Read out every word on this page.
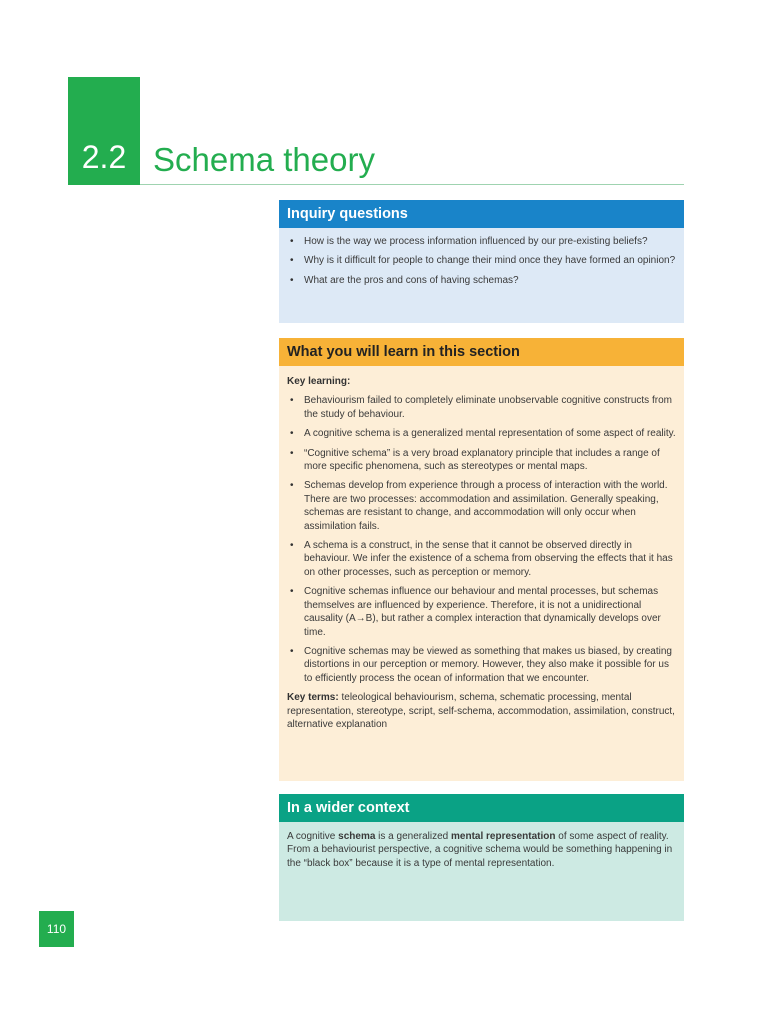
2.2 Schema theory
Inquiry questions
• How is the way we process information influenced by our pre-existing beliefs?
• Why is it difficult for people to change their mind once they have formed an opinion?
• What are the pros and cons of having schemas?
What you will learn in this section
Key learning:
• Behaviourism failed to completely eliminate unobservable cognitive constructs from the study of behaviour.
• A cognitive schema is a generalized mental representation of some aspect of reality.
• “Cognitive schema” is a very broad explanatory principle that includes a range of more specific phenomena, such as stereotypes or mental maps.
• Schemas develop from experience through a process of interaction with the world. There are two processes: accommodation and assimilation. Generally speaking, schemas are resistant to change, and accommodation will only occur when assimilation fails.
• A schema is a construct, in the sense that it cannot be observed directly in behaviour. We infer the existence of a schema from observing the effects that it has on other processes, such as perception or memory.
• Cognitive schemas influence our behaviour and mental processes, but schemas themselves are influenced by experience. Therefore, it is not a unidirectional causality (A→B), but rather a complex interaction that dynamically develops over time.
• Cognitive schemas may be viewed as something that makes us biased, by creating distortions in our perception or memory. However, they also make it possible for us to efficiently process the ocean of information that we encounter.
Key terms: teleological behaviourism, schema, schematic processing, mental representation, stereotype, script, self-schema, accommodation, assimilation, construct, alternative explanation
In a wider context
A cognitive schema is a generalized mental representation of some aspect of reality. From a behaviourist perspective, a cognitive schema would be something happening in the “black box” because it is a type of mental representation.
110
